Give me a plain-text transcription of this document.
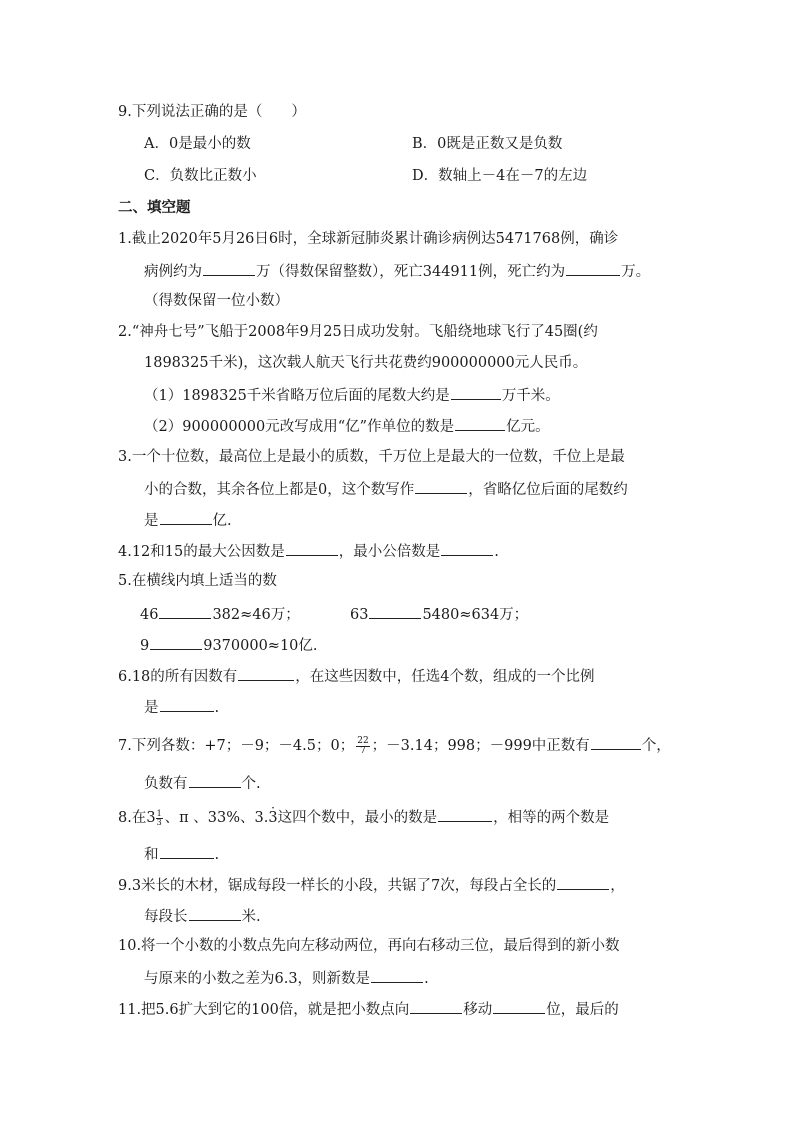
9.下列说法正确的是（　　）
A．0是最小的数	B．0既是正数又是负数
C．负数比正数小	D．数轴上－4在－7的左边
二、填空题
1.截止2020年5月26日6时，全球新冠肺炎累计确诊病例达5471768例，确诊
病例约为	万（得数保留整数），死亡344911例，死亡约为	万。
（得数保留一位小数）
2.“神舟七号”飞船于2008年9月25日成功发射。飞船绕地球飞行了45圈(约
1898325千米)，这次载人航天飞行共花费约900000000元人民币。
（1）1898325千米省略万位后面的尾数大约是	万千米。
（2）900000000元改写成用“亿”作单位的数是	亿元。
3.一个十位数，最高位上是最小的质数，千万位上是最大的一位数，千位上是最
小的合数，其余各位上都是0，这个数写作	，省略亿位后面的尾数约
是	亿.
4.12和15的最大公因数是	，最小公倍数是	.
5.在横线内填上适当的数
46	382≈46万；	63	5480≈634万；
9	9370000≈10亿.
6.18的所有因数有	，在这些因数中，任选4个数，组成的一个比例
是	.
7.下列各数：+7；－9；－4.5；0； $\frac{22}{7}$ ；－3.14；998；－999中正数有	个，
负数有	个.
8.在$3 \frac{1}{3}$ 、π 、33%、3.· 3这四个数中，最小的数是	，相等的两个数是
和	.
9.3米长的木材，锯成每段一样长的小段，共锯了7次，每段占全长的	，
每段长	米.
10.将一个小数的小数点先向左移动两位，再向右移动三位，最后得到的新小数
与原来的小数之差为6.3，则新数是	.
11.把5.6扩大到它的100倍，就是把小数点向	移动	位，最后的
